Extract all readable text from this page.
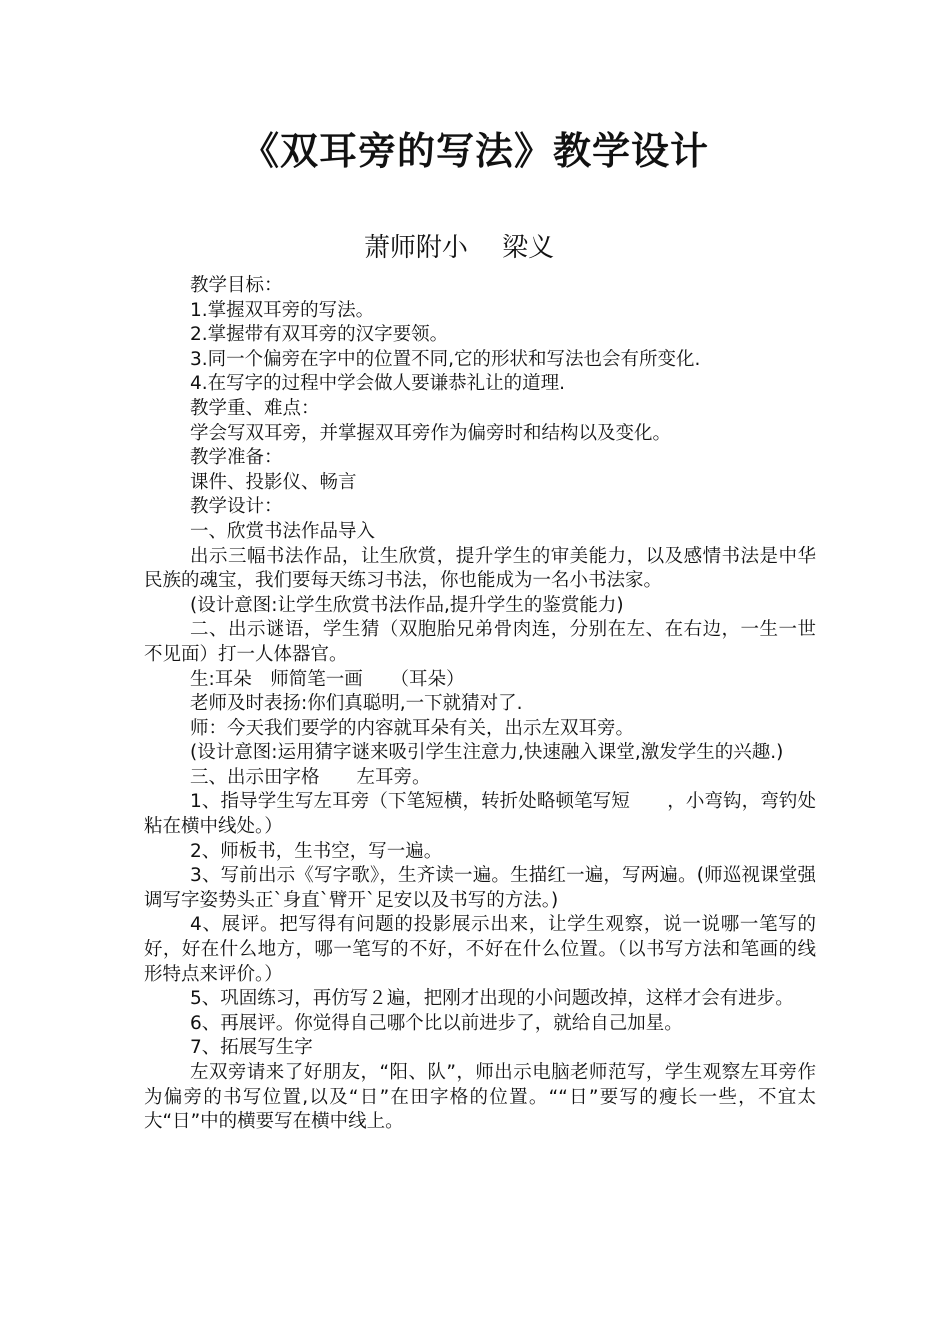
《双耳旁的写法》教学设计
萧师附小　 梁义

教学目标：

1.掌握双耳旁的写法。

2.掌握带有双耳旁的汉字要领。

3.同一个偏旁在字中的位置不同,它的形状和写法也会有所变化.

4.在写字的过程中学会做人要谦恭礼让的道理.

教学重、难点：

学会写双耳旁，并掌握双耳旁作为偏旁时和结构以及变化。

教学准备：

课件、投影仪、畅言

教学设计：

一、欣赏书法作品导入

出示三幅书法作品，让生欣赏，提升学生的审美能力，以及感情书法是中华民族的魂宝，我们要每天练习书法，你也能成为一名小书法家。

(设计意图:让学生欣赏书法作品,提升学生的鉴赏能力)

二、出示谜语，学生猜（双胞胎兄弟骨肉连，分别在左、在右边，一生一世不见面）打一人体器官。

生:耳朵　师简笔一画　　（耳朵）

老师及时表扬:你们真聪明,一下就猜对了.

师：今天我们要学的内容就耳朵有关，出示左双耳旁。

(设计意图:运用猜字谜来吸引学生注意力,快速融入课堂,激发学生的兴趣.)

三、出示田字格　　左耳旁。

1、指导学生写左耳旁（下笔短横，转折处略顿笔写短　　，小弯钩，弯钓处粘在横中线处。）

2、师板书，生书空，写一遍。

3、写前出示《写字歌》，生齐读一遍。生描红一遍，写两遍。(师巡视课堂强调写字姿势头正`身直`臂开`足安以及书写的方法。)

4、展评。把写得有问题的投影展示出来，让学生观察，说一说哪一笔写的好，好在什么地方，哪一笔写的不好，不好在什么位置。（以书写方法和笔画的线形特点来评价。）

5、巩固练习，再仿写２遍，把刚才出现的小问题改掉，这样才会有进步。

6、再展评。你觉得自己哪个比以前进步了，就给自己加星。

7、拓展写生字

左双旁请来了好朋友，“阳、队”，师出示电脑老师范写，学生观察左耳旁作为偏旁的书写位置,以及“日”在田字格的位置。““日”要写的瘦长一些，不宜太大“日”中的横要写在横中线上。
